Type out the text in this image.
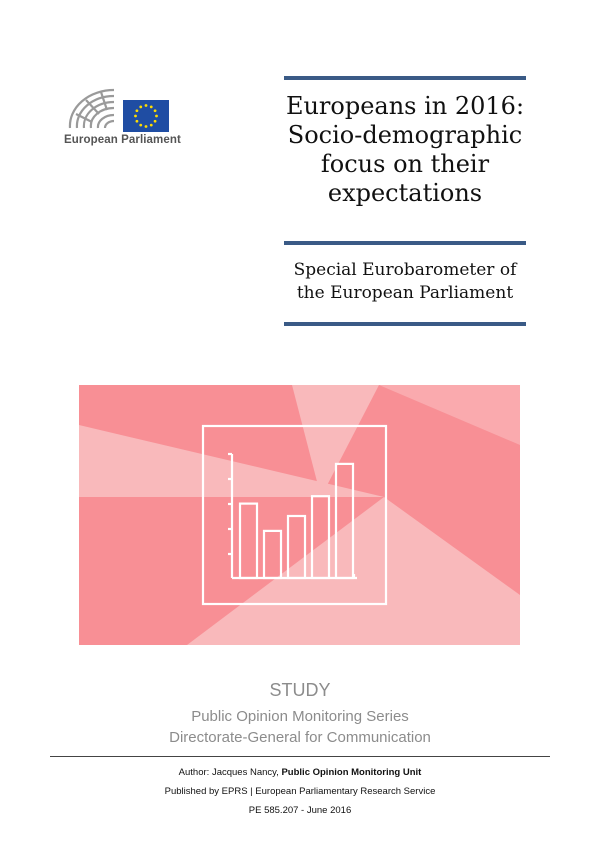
European Parliament
Europeans in 2016:
Socio-demographic
focus on their
expectations
Special Eurobarometer of
the European Parliament
STUDY
Public Opinion Monitoring Series
Directorate-General for Communication
Author: Jacques Nancy, Public Opinion Monitoring Unit
Published by EPRS | European Parliamentary Research Service
PE 585.207 - June 2016
